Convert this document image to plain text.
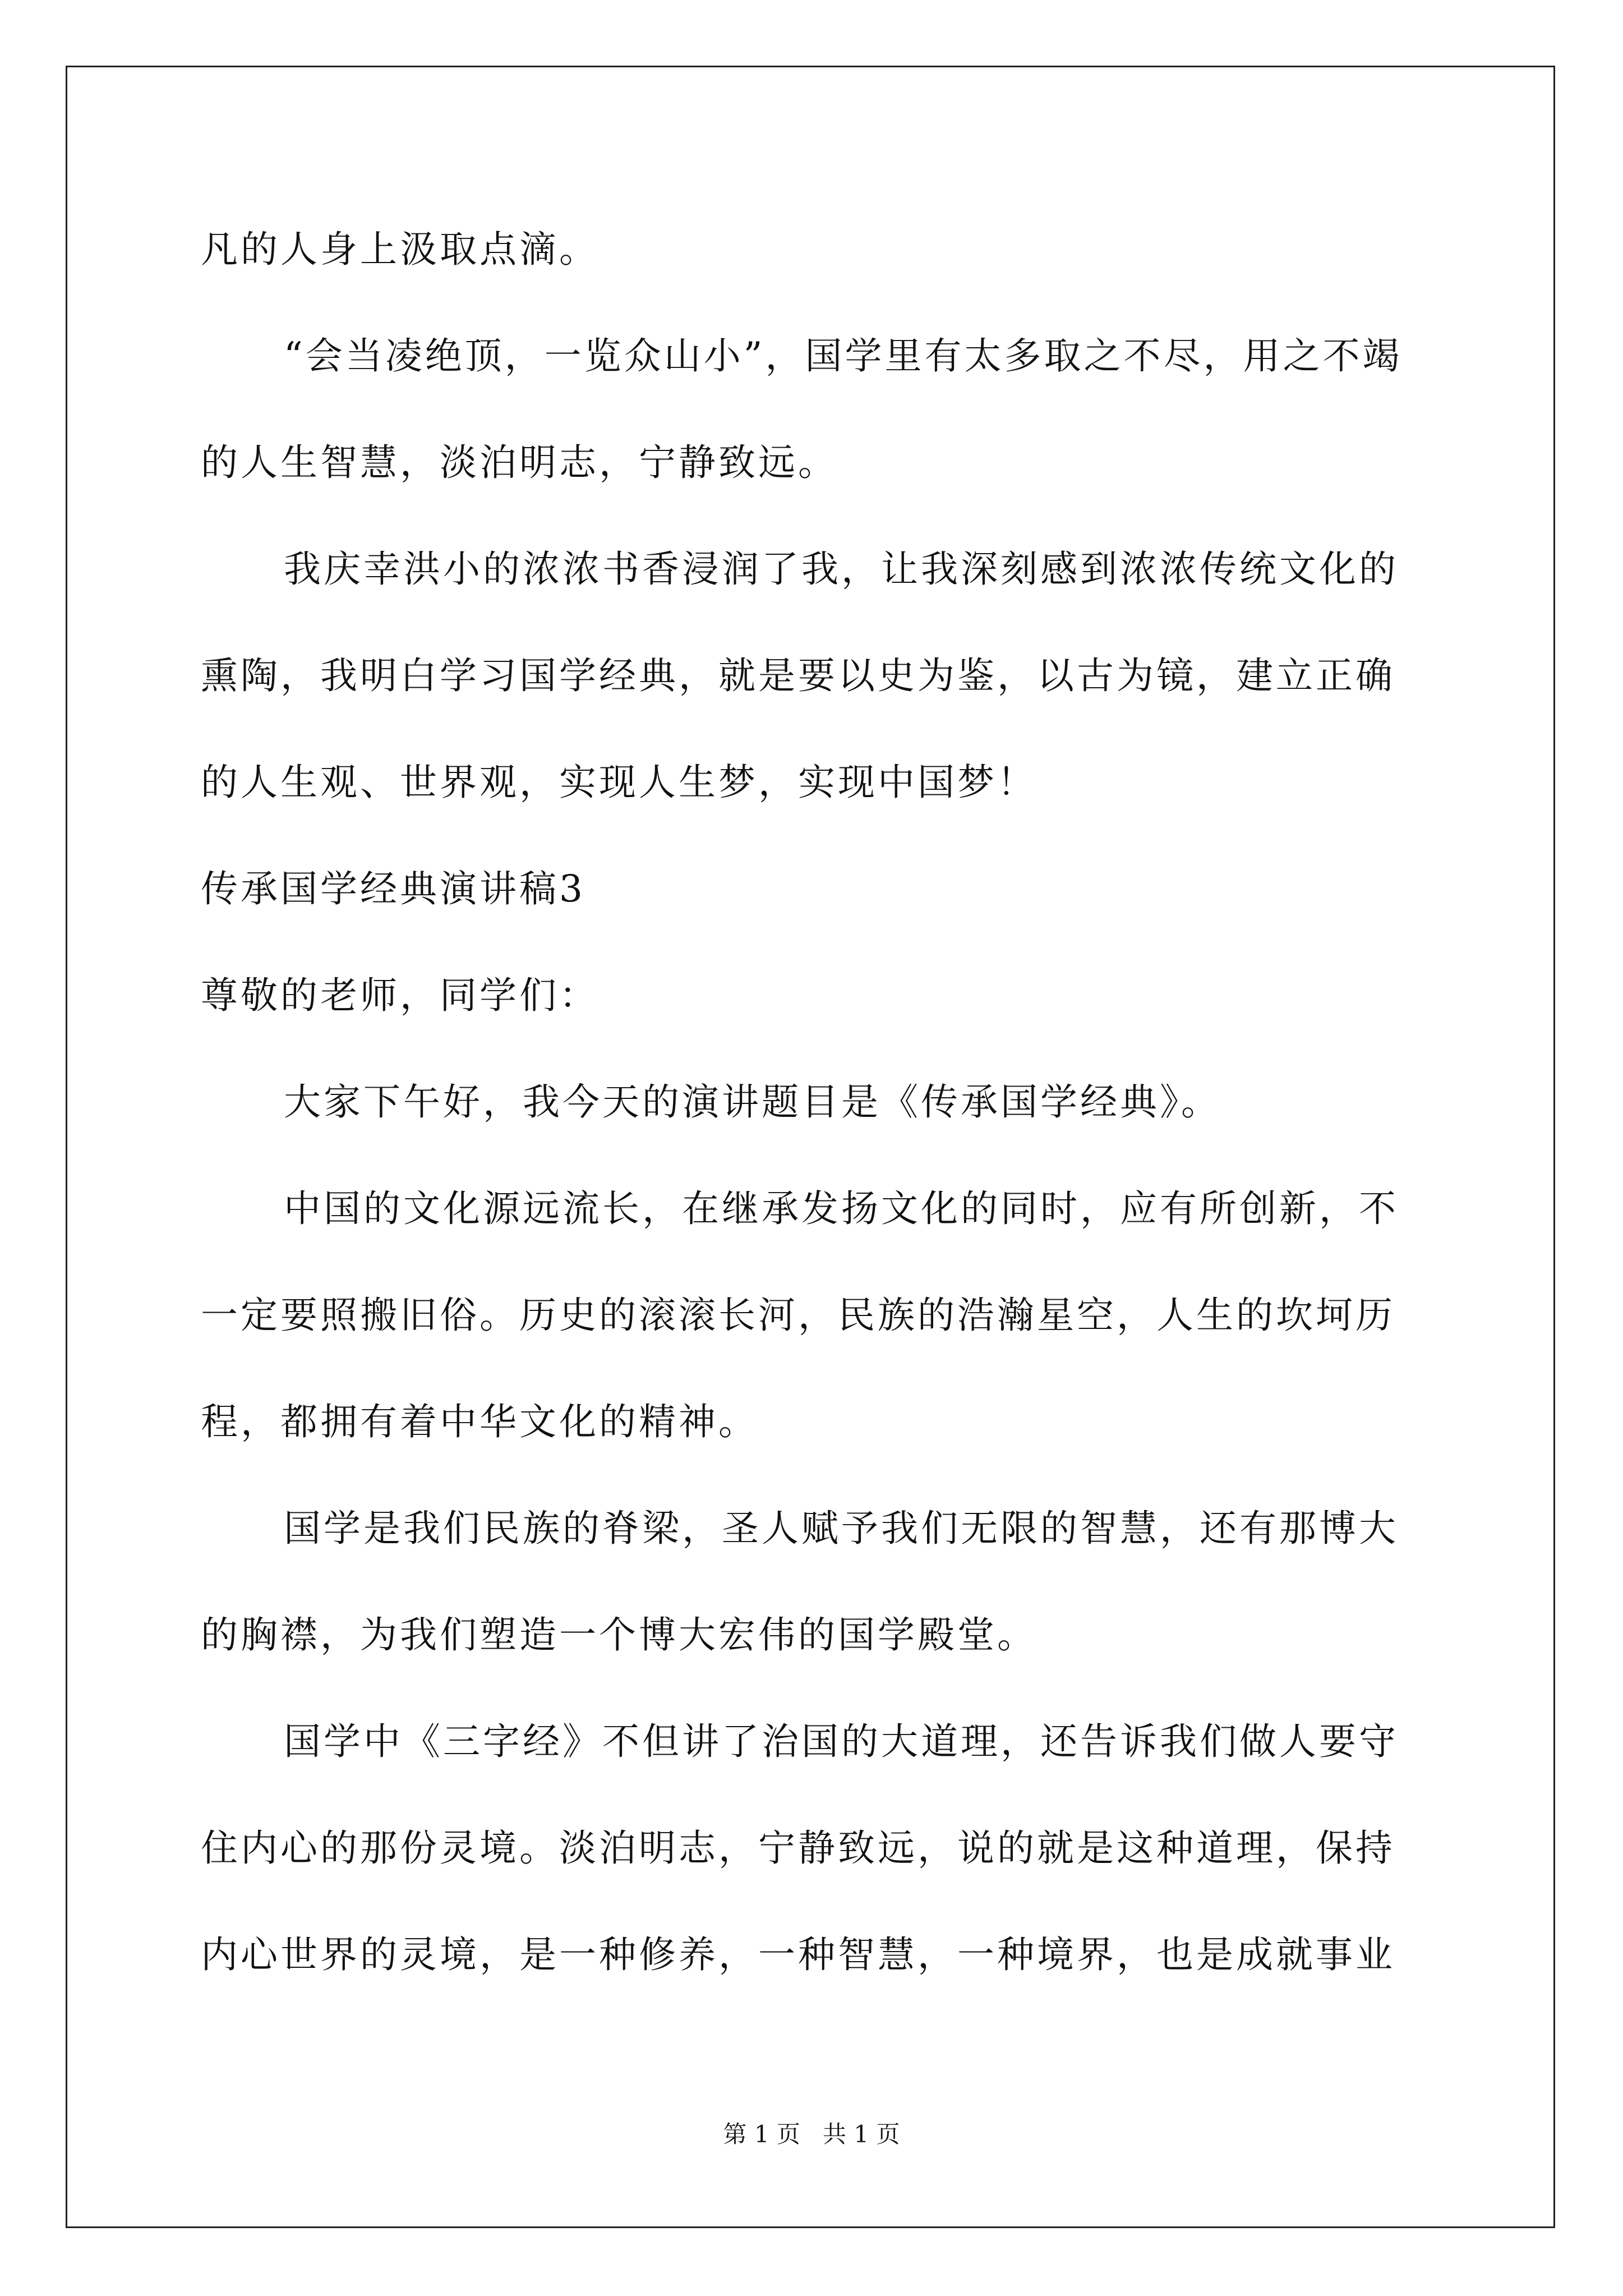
凡的人身上汲取点滴。
“会当凌绝顶，一览众山小”，国学里有太多取之不尽，用之不竭
的人生智慧，淡泊明志，宁静致远。
我庆幸洪小的浓浓书香浸润了我，让我深刻感到浓浓传统文化的
熏陶，我明白学习国学经典，就是要以史为鉴，以古为镜，建立正确
的人生观、世界观，实现人生梦，实现中国梦！
传承国学经典演讲稿3
尊敬的老师，同学们：
大家下午好，我今天的演讲题目是《传承国学经典》。
中国的文化源远流长，在继承发扬文化的同时，应有所创新，不
一定要照搬旧俗。历史的滚滚长河，民族的浩瀚星空，人生的坎坷历
程，都拥有着中华文化的精神。
国学是我们民族的脊梁，圣人赋予我们无限的智慧，还有那博大
的胸襟，为我们塑造一个博大宏伟的国学殿堂。
国学中《三字经》不但讲了治国的大道理，还告诉我们做人要守
住内心的那份灵境。淡泊明志，宁静致远，说的就是这种道理，保持
内心世界的灵境，是一种修养，一种智慧，一种境界，也是成就事业
第 1 页   共 1 页
